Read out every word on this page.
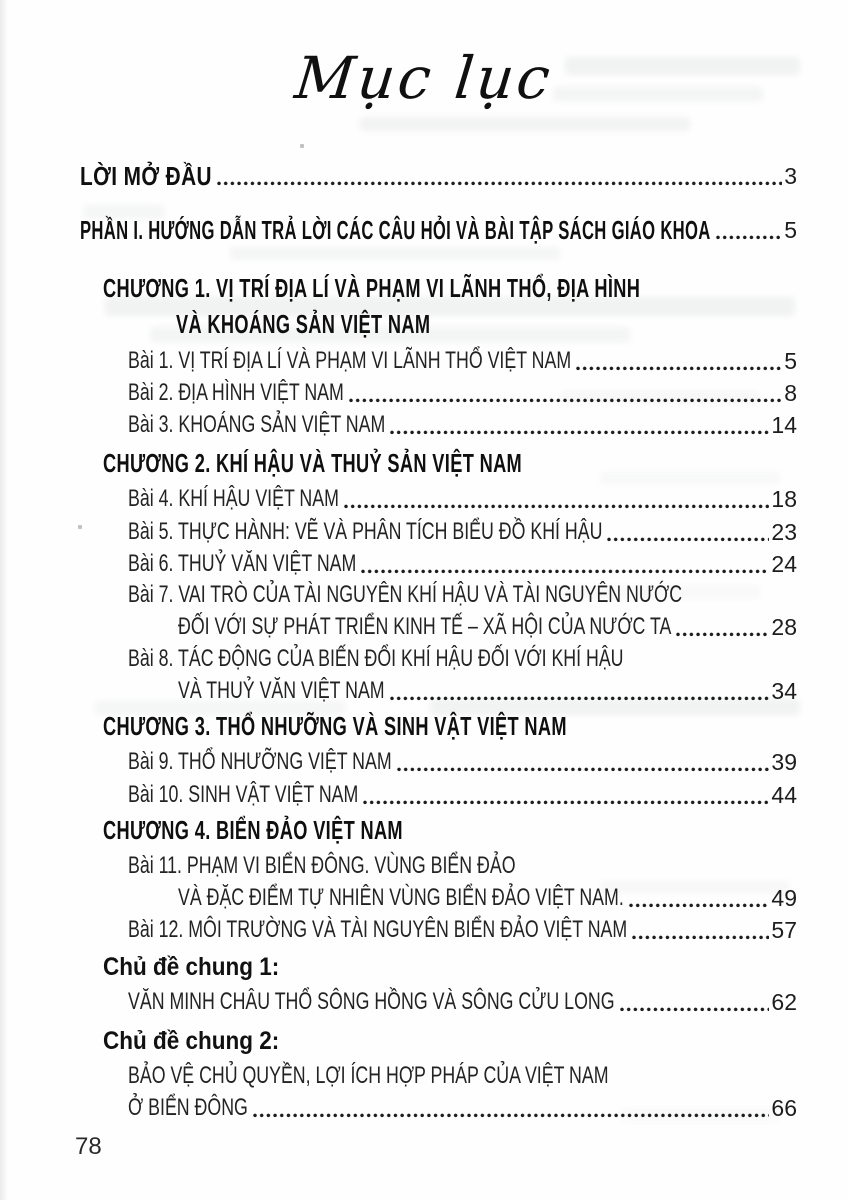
Mục lục
LỜI MỞ ĐẦU	3
PHẦN I. HƯỚNG DẪN TRẢ LỜI CÁC CÂU HỎI VÀ BÀI TẬP SÁCH GIÁO KHOA	5
CHƯƠNG 1. VỊ TRÍ ĐỊA LÍ VÀ PHẠM VI LÃNH THỔ, ĐỊA HÌNH
VÀ KHOÁNG SẢN VIỆT NAM
Bài 1. VỊ TRÍ ĐỊA LÍ VÀ PHẠM VI LÃNH THỔ VIỆT NAM	5
Bài 2. ĐỊA HÌNH VIỆT NAM	8
Bài 3. KHOÁNG SẢN VIỆT NAM	14
CHƯƠNG 2. KHÍ HẬU VÀ THUỶ SẢN VIỆT NAM
Bài 4. KHÍ HẬU VIỆT NAM	18
Bài 5. THỰC HÀNH: VẼ VÀ PHÂN TÍCH BIỂU ĐỒ KHÍ HẬU	23
Bài 6. THUỶ VĂN VIỆT NAM	24
Bài 7. VAI TRÒ CỦA TÀI NGUYÊN KHÍ HẬU VÀ TÀI NGUYÊN NƯỚC
ĐỐI VỚI SỰ PHÁT TRIỂN KINH TẾ – XÃ HỘI CỦA NƯỚC TA	28
Bài 8. TÁC ĐỘNG CỦA BIẾN ĐỔI KHÍ HẬU ĐỐI VỚI KHÍ HẬU
VÀ THUỶ VĂN VIỆT NAM	34
CHƯƠNG 3. THỔ NHƯỠNG VÀ SINH VẬT VIỆT NAM
Bài 9. THỔ NHƯỠNG VIỆT NAM	39
Bài 10. SINH VẬT VIỆT NAM	44
CHƯƠNG 4. BIỂN ĐẢO VIỆT NAM
Bài 11. PHẠM VI BIỂN ĐÔNG. VÙNG BIỂN ĐẢO
VÀ ĐẶC ĐIỂM TỰ NHIÊN VÙNG BIỂN ĐẢO VIỆT NAM.	49
Bài 12. MÔI TRƯỜNG VÀ TÀI NGUYÊN BIỂN ĐẢO VIỆT NAM	57
Chủ đề chung 1:
VĂN MINH CHÂU THỔ SÔNG HỒNG VÀ SÔNG CỬU LONG	62
Chủ đề chung 2:
BẢO VỆ CHỦ QUYỀN, LỢI ÍCH HỢP PHÁP CỦA VIỆT NAM
Ở BIỂN ĐÔNG	66
78
